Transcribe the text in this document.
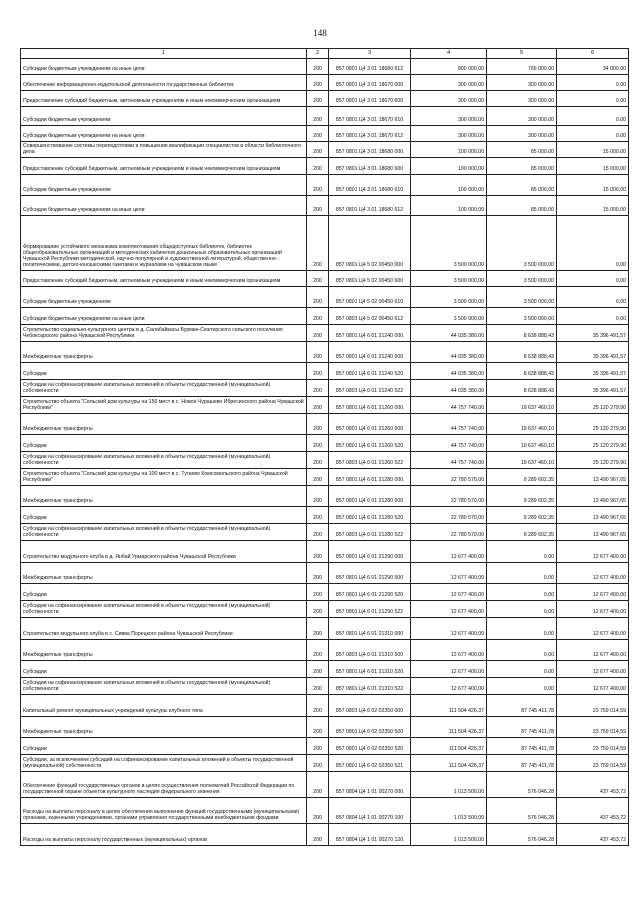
148
1	2	3	4	5	6
Субсидии бюджетным учреждениям на иные цели	200	857 0801 Ц4 3 01 18680 612	800 000,00	766 000,00	34 000,00
Обеспечение информационно-издательской деятельности государственных библиотек	200	857 0801 Ц4 3 01 18670 000	300 000,00	300 000,00	0,00
Предоставление субсидий бюджетным, автономным учреждениям и иным некоммерческим организациям	200	857 0801 Ц4 3 01 18670 600	300 000,00	300 000,00	0,00
Субсидии бюджетным учреждениям	200	857 0801 Ц4 3 01 18670 610	300 000,00	300 000,00	0,00
Субсидии бюджетным учреждениям на иные цели	200	857 0801 Ц4 3 01 18670 612	300 000,00	300 000,00	0,00
Совершенствование системы переподготовки и повышения квалификации специалистов в области библиотечного дела	200	857 0801 Ц4 3 01 18680 000	100 000,00	85 000,00	15 000,00
Предоставление субсидий бюджетным, автономным учреждениям и иным некоммерческим организациям	200	857 0801 Ц4 3 01 18680 600	100 000,00	85 000,00	15 000,00
Субсидии бюджетным учреждениям	200	857 0801 Ц4 3 01 18680 610	100 000,00	85 000,00	15 000,00
Субсидии бюджетным учреждениям на иные цели	200	857 0801 Ц4 3 01 18680 612	100 000,00	85 000,00	15 000,00
Формирование устойчивого механизма комплектования общедоступных библиотек, библиотек общеобразовательных организаций и методических кабинетов дошкольных образовательных организаций Чувашской Республики методической, научно-популярной и художественной литературой, общественно-политическими, детско-юношескими газетами и журналами на чувашском языке	200	857 0801 Ц4 5 02 00450 000	3 500 000,00	3 500 000,00	0,00
Предоставление субсидий бюджетным, автономным учреждениям и иным некоммерческим организациям	200	857 0801 Ц4 5 02 00450 600	3 500 000,00	3 500 000,00	0,00
Субсидии бюджетным учреждениям	200	857 0801 Ц4 5 02 00450 610	3 500 000,00	3 500 000,00	0,00
Субсидии бюджетным учреждениям на иные цели	200	857 0801 Ц4 5 02 00450 612	3 500 000,00	3 500 000,00	0,00
Строительство социально-культурного центра в д. Салабайкасы Бурман-Сюктерского сельского поселения Чебоксарского района Чувашской Республики	200	857 0801 Ц4 6 01 21240 000	44 035 380,00	8 638 888,43	35 396 491,57
Межбюджетные трансферты	200	857 0801 Ц4 6 01 21240 500	44 035 380,00	8 638 888,43	35 396 491,57
Субсидии	200	857 0801 Ц4 6 01 21240 520	44 035 380,00	8 638 888,43	35 396 491,57
Субсидии на софинансирование капитальных вложений в объекты государственной (муниципальной) собственности	200	857 0801 Ц4 6 01 21240 522	44 035 380,00	8 638 888,43	35 396 491,57
Строительство объекта "Сельский дом культуры на 150 мест в с. Новое Чурашево Ибресинского района Чувашской Республики"	200	857 0801 Ц4 6 01 21260 000	44 757 740,00	19 637 460,10	25 120 279,90
Межбюджетные трансферты	200	857 0801 Ц4 6 01 21260 500	44 757 740,00	19 637 460,10	25 120 279,90
Субсидии	200	857 0801 Ц4 6 01 21260 520	44 757 740,00	19 637 460,10	25 120 279,90
Субсидии на софинансирование капитальных вложений в объекты государственной (муниципальной) собственности	200	857 0801 Ц4 6 01 21260 522	44 757 740,00	19 637 460,10	25 120 279,90
Строительство объекта "Сельский дом культуры на 100 мест в с. Тугаево Комсомольского района Чувашской Республики"	200	857 0801 Ц4 6 01 21280 000	22 780 570,00	9 289 602,35	13 490 967,65
Межбюджетные трансферты	200	857 0801 Ц4 6 01 21280 500	22 780 570,00	9 289 602,35	13 490 967,65
Субсидии	200	857 0801 Ц4 6 01 21280 520	22 780 570,00	9 289 602,35	13 490 967,65
Субсидии на софинансирование капитальных вложений в объекты государственной (муниципальной) собственности	200	857 0801 Ц4 6 01 21280 522	22 780 570,00	9 289 602,35	13 490 967,65
Строительство модульного клуба в д. Янбай Урмарского района Чувашской Республики	200	857 0801 Ц4 6 01 21290 000	12 677 400,00	0,00	12 677 400,00
Межбюджетные трансферты	200	857 0801 Ц4 6 01 21290 500	12 677 400,00	0,00	12 677 400,00
Субсидии	200	857 0801 Ц4 6 01 21290 520	12 677 400,00	0,00	12 677 400,00
Субсидии на софинансирование капитальных вложений в объекты государственной (муниципальной) собственности	200	857 0801 Ц4 6 01 21290 522	12 677 400,00	0,00	12 677 400,00
Строительство модульного клуба в с. Сивва Порецкого района Чувашской Республики	200	857 0801 Ц4 6 01 21310 000	12 677 400,00	0,00	12 677 400,00
Межбюджетные трансферты	200	857 0801 Ц4 6 01 21310 500	12 677 400,00	0,00	12 677 400,00
Субсидии	200	857 0801 Ц4 6 01 21310 520	12 677 400,00	0,00	12 677 400,00
Субсидии на софинансирование капитальных вложений в объекты государственной (муниципальной) собственности	200	857 0801 Ц4 6 01 21310 522	12 677 400,00	0,00	12 677 400,00
Капитальный ремонт муниципальных учреждений культуры клубного типа	200	857 0801 Ц4 6 02 02350 000	111 504 426,37	87 745 411,78	23 759 014,59
Межбюджетные трансферты	200	857 0801 Ц4 6 02 02350 500	111 504 426,37	87 745 411,78	23 759 014,59
Субсидии	200	857 0801 Ц4 6 02 02350 520	111 504 426,37	87 745 411,78	23 759 014,59
Субсидии, за исключением субсидий на софинансирование капитальных вложений в объекты государственной (муниципальной) собственности	200	857 0801 Ц4 6 02 02350 521	111 504 426,37	87 745 411,78	23 759 014,59
Обеспечение функций государственных органов в целях осуществления полномочий Российской Федерации по государственной охране объектов культурного наследия федерального значения	200	857 0804 Ц4 1 01 00270 000	1 013 500,00	576 046,28	437 453,72
Расходы на выплаты персоналу в целях обеспечения выполнения функций государственными (муниципальными) органами, казенными учреждениями, органами управления государственными внебюджетными фондами	200	857 0804 Ц4 1 01 00270 100	1 013 500,00	576 046,28	437 453,72
Расходы на выплаты персоналу государственных (муниципальных) органов	200	857 0804 Ц4 1 01 00270 120	1 013 500,00	576 046,28	437 453,72
